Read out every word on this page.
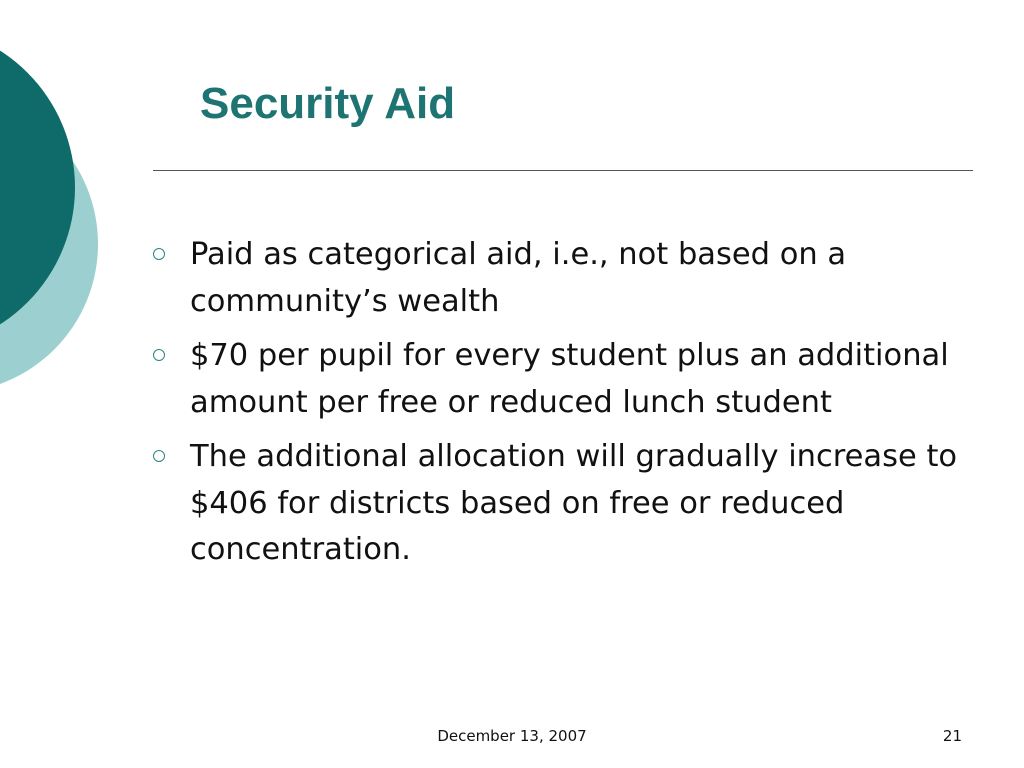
Security Aid
Paid as categorical aid, i.e., not based on a community’s wealth
$70 per pupil for every student plus an additional amount per free or reduced lunch student
The additional allocation will gradually increase to $406 for districts based on free or reduced concentration.
December 13, 2007	21
